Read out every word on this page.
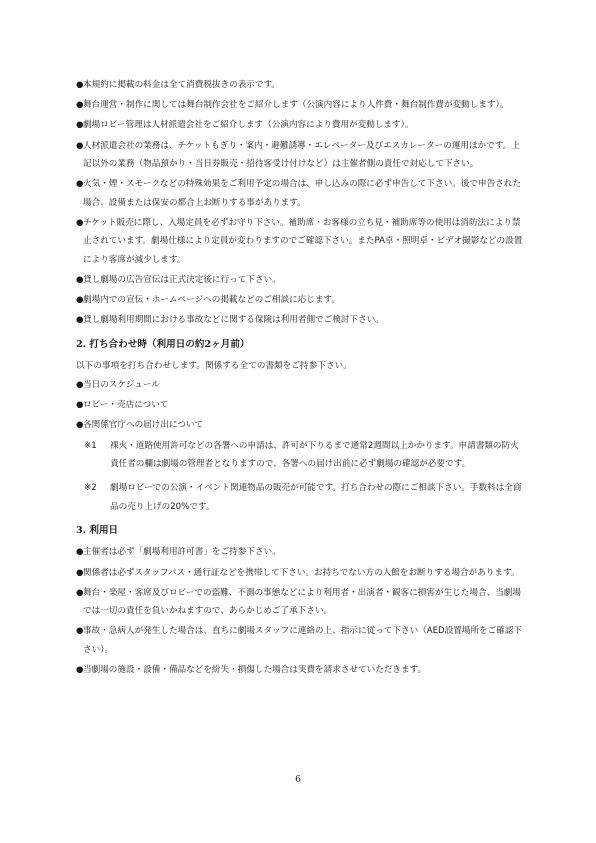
● 本規約に掲載の料金は全て消費税抜きの表示です。
● 舞台運営・制作に関しては舞台制作会社をご紹介します（公演内容により人件費・舞台制作費が変動します）。
● 劇場ロビー管理は人材派遣会社をご紹介します（公演内容により費用が変動します）。
● 人材派遣会社の業務は、チケットもぎり・案内・避難誘導・エレベーター及びエスカレーターの運用ほかです。上記以外の業務（物品預かり・当日券販売・招待客受け付けなど）は主催者側の責任で対応して下さい。
● 火気・煙・スモークなどの特殊効果をご利用予定の場合は、申し込みの際に必ず申告して下さい。後で申告された場合、設備または保安の都合上お断りする事があります。
● チケット販売に際し、入場定員を必ずお守り下さい。補助席・お客様の立ち見・補助席等の使用は消防法により禁止されています。劇場仕様により定員が変わりますのでご確認下さい。またPA卓・照明卓・ビデオ撮影などの設置により客席が減少します。
● 貸し劇場の広告宣伝は正式決定後に行って下さい。
● 劇場内での宣伝・ホームページへの掲載などのご相談に応じます。
● 貸し劇場利用期間における事故などに関する保険は利用者側でご検討下さい。
2. 打ち合わせ時（利用日の約2ヶ月前）
以下の事項を打ち合わせします。関係する全ての書類をご持参下さい。
● 当日のスケジュール
● ロビー・売店について
● 各関係官庁への届け出について
※1	裸火・道路使用許可などの各署への申請は、許可が下りるまで通常2週間以上かかります。申請書類の防火責任者の欄は劇場の管理者となりますので、各署への届け出前に必ず劇場の確認が必要です。
※2	劇場ロビーでの公演・イベント関連物品の販売が可能です。打ち合わせの際にご相談下さい。手数料は全商品の売り上げの20%です。
3. 利用日
● 主催者は必ず「劇場利用許可書」をご持参下さい。
● 関係者は必ずスタッフパス・通行証などを携帯して下さい。お持ちでない方の入館をお断りする場合があります。
● 舞台・楽屋・客席及びロビーでの盗難、不測の事態などにより利用者・出演者・観客に損害が生じた場合、当劇場では一切の責任を負いかねますので、あらかじめご了承下さい。
● 事故・急病人が発生した場合は、直ちに劇場スタッフに連絡の上、指示に従って下さい（AED設置場所をご確認下さい）。
● 当劇場の施設・設備・備品などを紛失・損傷した場合は実費を請求させていただきます。
6
